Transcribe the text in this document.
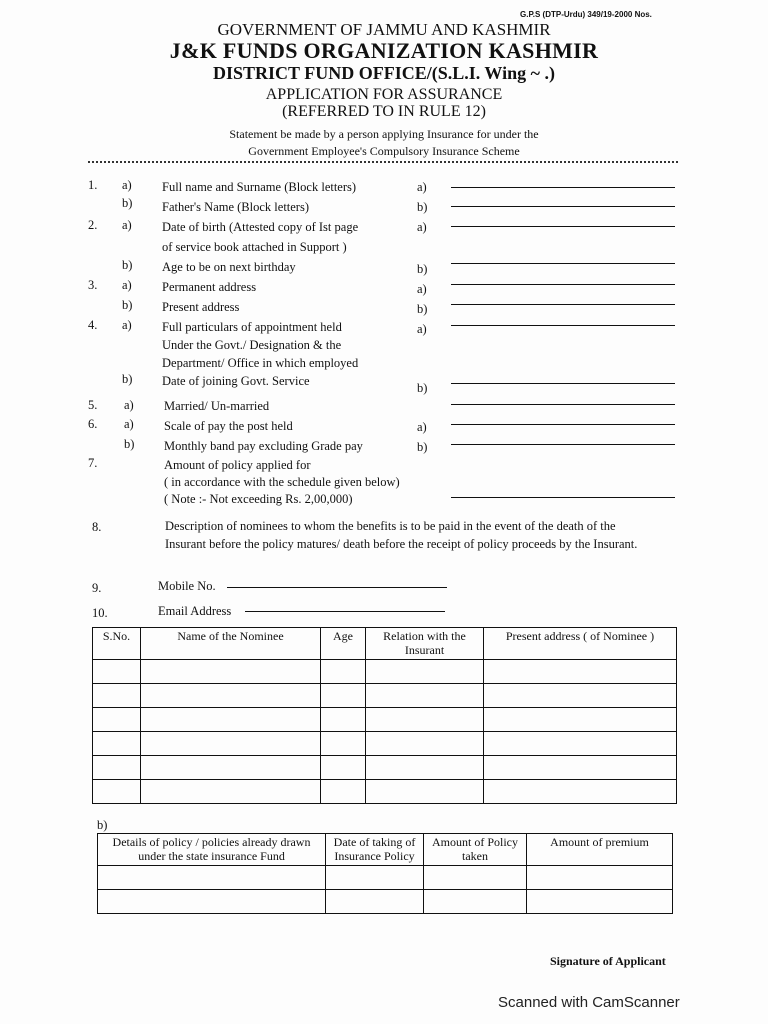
G.P.S (DTP-Urdu) 349/19-2000 Nos.
GOVERNMENT OF JAMMU AND KASHMIR
J&K FUNDS ORGANIZATION KASHMIR
DISTRICT FUND OFFICE/(S.L.I. Wing ~ .)
APPLICATION FOR ASSURANCE
(REFERRED TO IN RULE 12)
Statement be made by a person applying Insurance for under the
Government Employee's Compulsory Insurance Scheme
1. a) Full name and Surname (Block letters)	a)
b) Father's Name (Block letters)	b)
2. a) Date of birth (Attested copy of Ist page	a)
of service book attached in Support )
b) Age to be on next birthday	b)
3. a) Permanent address	a)
b) Present address	b)
4. a) Full particulars of appointment held	a)
Under the Govt./ Designation & the
Department/ Office in which employed
b) Date of joining Govt. Service	b)
5. a) Married/ Un-married
6. a) Scale of pay the post held	a)
b) Monthly band pay excluding Grade pay	b)
7.	Amount of policy applied for
( in accordance with the schedule given below)
( Note :- Not exceeding Rs. 2,00,000)
8.	Description of nominees to whom the benefits is to be paid in the event of the death of the
Insurant before the policy matures/ death before the receipt of policy proceeds by the Insurant.
9.	Mobile No.
10.	Email Address
S.No.	Name of the Nominee	Age	Relation with the Insurant	Present address ( of Nominee )

b)
Details of policy / policies already drawn under the state insurance Fund	Date of taking of Insurance Policy	Amount of Policy taken	Amount of premium

Signature of Applicant
Scanned with CamScanner
